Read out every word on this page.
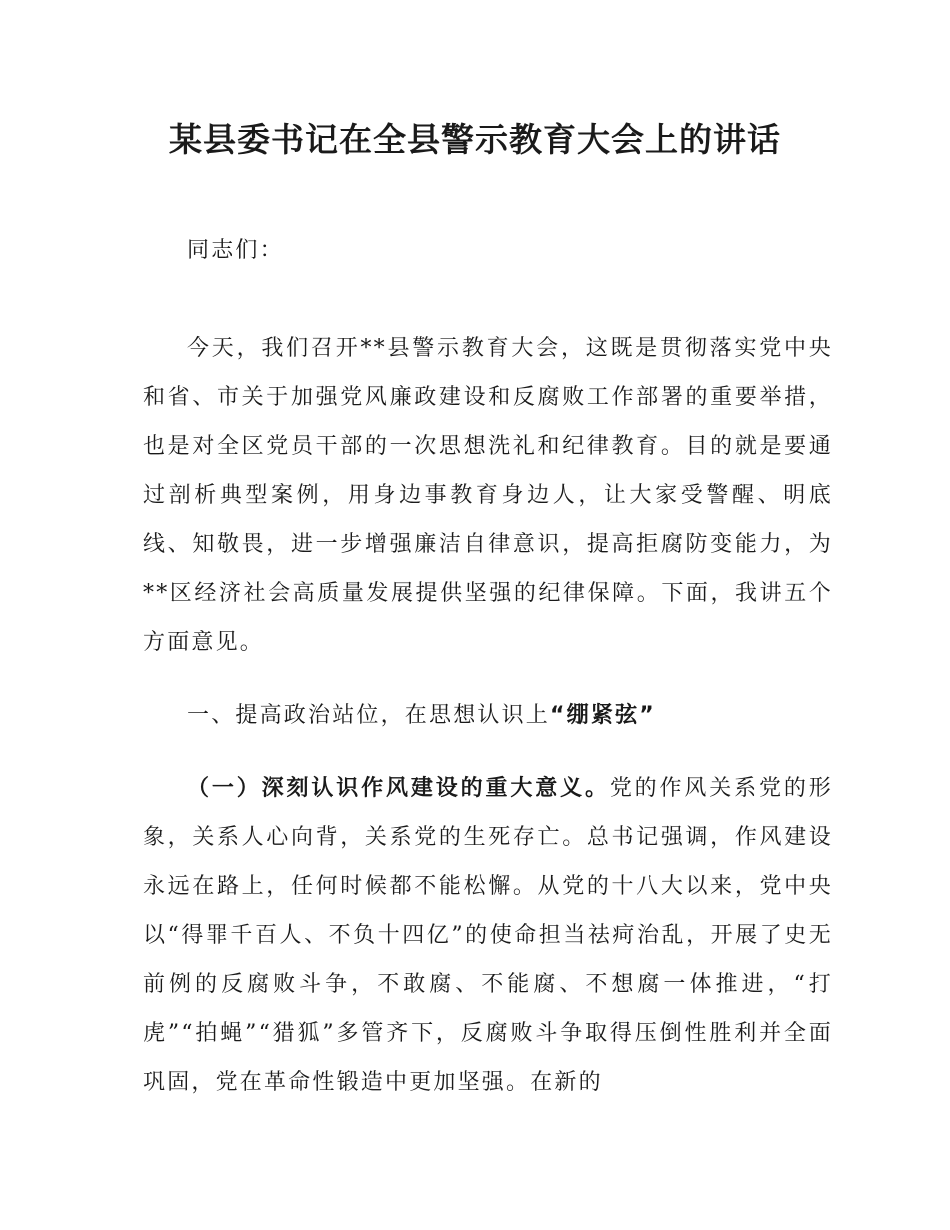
某县委书记在全县警示教育大会上的讲话

同志们：

今天，我们召开**县警示教育大会，这既是贯彻落实党中央和省、市关于加强党风廉政建设和反腐败工作部署的重要举措，也是对全区党员干部的一次思想洗礼和纪律教育。目的就是要通过剖析典型案例，用身边事教育身边人，让大家受警醒、明底线、知敬畏，进一步增强廉洁自律意识，提高拒腐防变能力，为**区经济社会高质量发展提供坚强的纪律保障。下面，我讲五个方面意见。

一、提高政治站位，在思想认识上“绷紧弦”

（一）深刻认识作风建设的重大意义。党的作风关系党的形象，关系人心向背，关系党的生死存亡。总书记强调，作风建设永远在路上，任何时候都不能松懈。从党的十八大以来，党中央以“得罪千百人、不负十四亿”的使命担当祛疴治乱，开展了史无前例的反腐败斗争，不敢腐、不能腐、不想腐一体推进，“打虎”“拍蝇”“猎狐”多管齐下，反腐败斗争取得压倒性胜利并全面巩固，党在革命性锻造中更加坚强。在新的
